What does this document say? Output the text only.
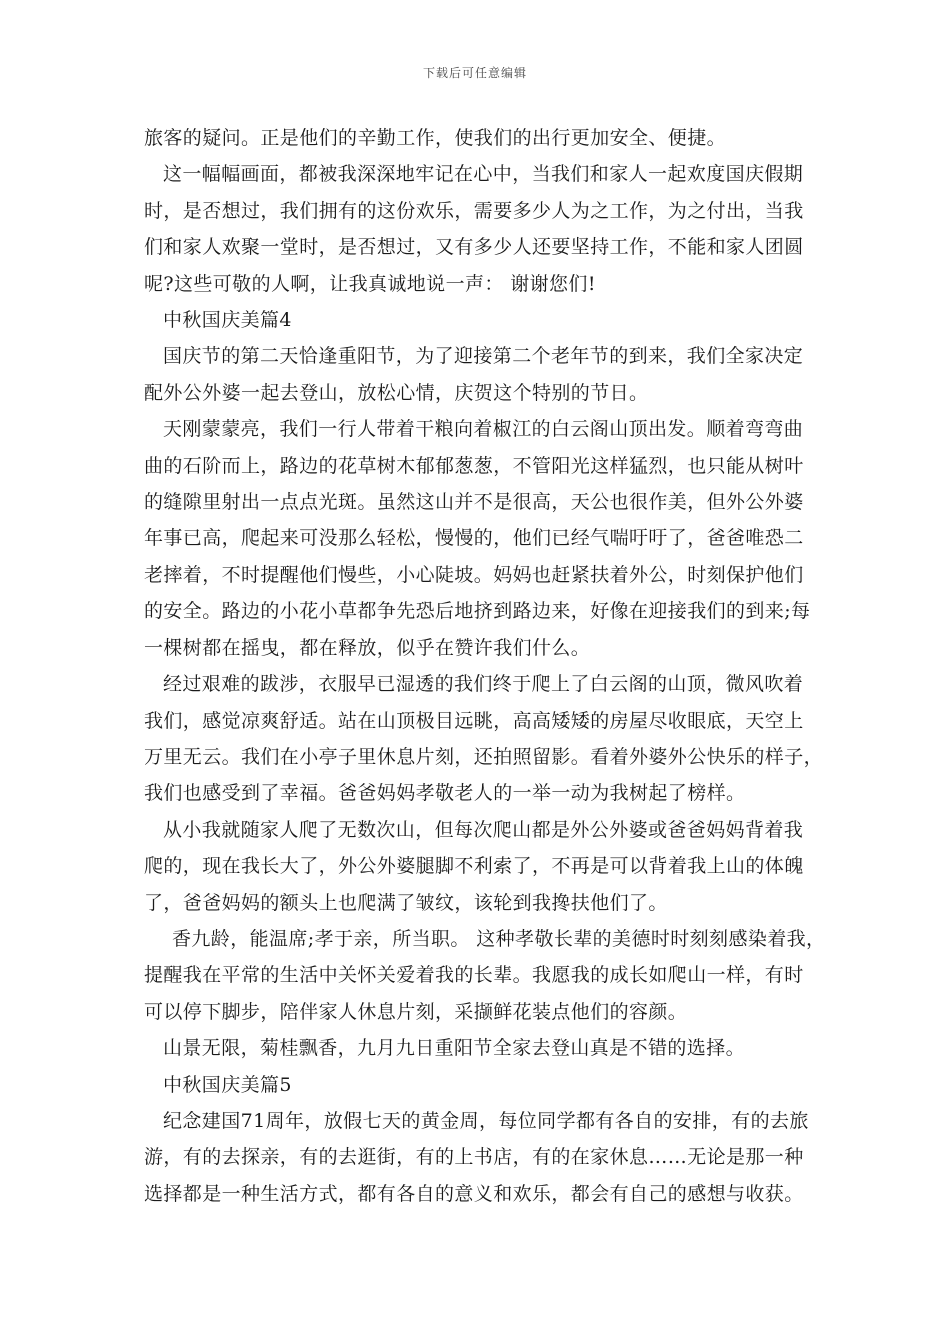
下载后可任意编辑
旅客的疑问。正是他们的辛勤工作，使我们的出行更加安全、便捷。
这一幅幅画面，都被我深深地牢记在心中，当我们和家人一起欢度国庆假期
时，是否想过，我们拥有的这份欢乐，需要多少人为之工作，为之付出，当我
们和家人欢聚一堂时，是否想过，又有多少人还要坚持工作，不能和家人团圆
呢?这些可敬的人啊，让我真诚地说一声： 谢谢您们!
中秋国庆美篇4
国庆节的第二天恰逢重阳节，为了迎接第二个老年节的到来，我们全家决定
配外公外婆一起去登山，放松心情，庆贺这个特别的节日。
天刚蒙蒙亮，我们一行人带着干粮向着椒江的白云阁山顶出发。顺着弯弯曲
曲的石阶而上，路边的花草树木郁郁葱葱，不管阳光这样猛烈，也只能从树叶
的缝隙里射出一点点光斑。虽然这山并不是很高，天公也很作美，但外公外婆
年事已高，爬起来可没那么轻松，慢慢的，他们已经气喘吁吁了，爸爸唯恐二
老摔着，不时提醒他们慢些，小心陡坡。妈妈也赶紧扶着外公，时刻保护他们
的安全。路边的小花小草都争先恐后地挤到路边来，好像在迎接我们的到来;每
一棵树都在摇曳，都在释放，似乎在赞许我们什么。
经过艰难的跋涉，衣服早已湿透的我们终于爬上了白云阁的山顶，微风吹着
我们，感觉凉爽舒适。站在山顶极目远眺，高高矮矮的房屋尽收眼底，天空上
万里无云。我们在小亭子里休息片刻，还拍照留影。看着外婆外公快乐的样子，
我们也感受到了幸福。爸爸妈妈孝敬老人的一举一动为我树起了榜样。
从小我就随家人爬了无数次山，但每次爬山都是外公外婆或爸爸妈妈背着我
爬的，现在我长大了，外公外婆腿脚不利索了，不再是可以背着我上山的体魄
了，爸爸妈妈的额头上也爬满了皱纹，该轮到我搀扶他们了。
香九龄，能温席;孝于亲，所当职。 这种孝敬长辈的美德时时刻刻感染着我，
提醒我在平常的生活中关怀关爱着我的长辈。我愿我的成长如爬山一样，有时
可以停下脚步，陪伴家人休息片刻，采撷鲜花装点他们的容颜。
山景无限，菊桂飘香，九月九日重阳节全家去登山真是不错的选择。
中秋国庆美篇5
纪念建国71周年，放假七天的黄金周，每位同学都有各自的安排，有的去旅
游，有的去探亲，有的去逛街，有的上书店，有的在家休息……无论是那一种
选择都是一种生活方式，都有各自的意义和欢乐，都会有自己的感想与收获。
